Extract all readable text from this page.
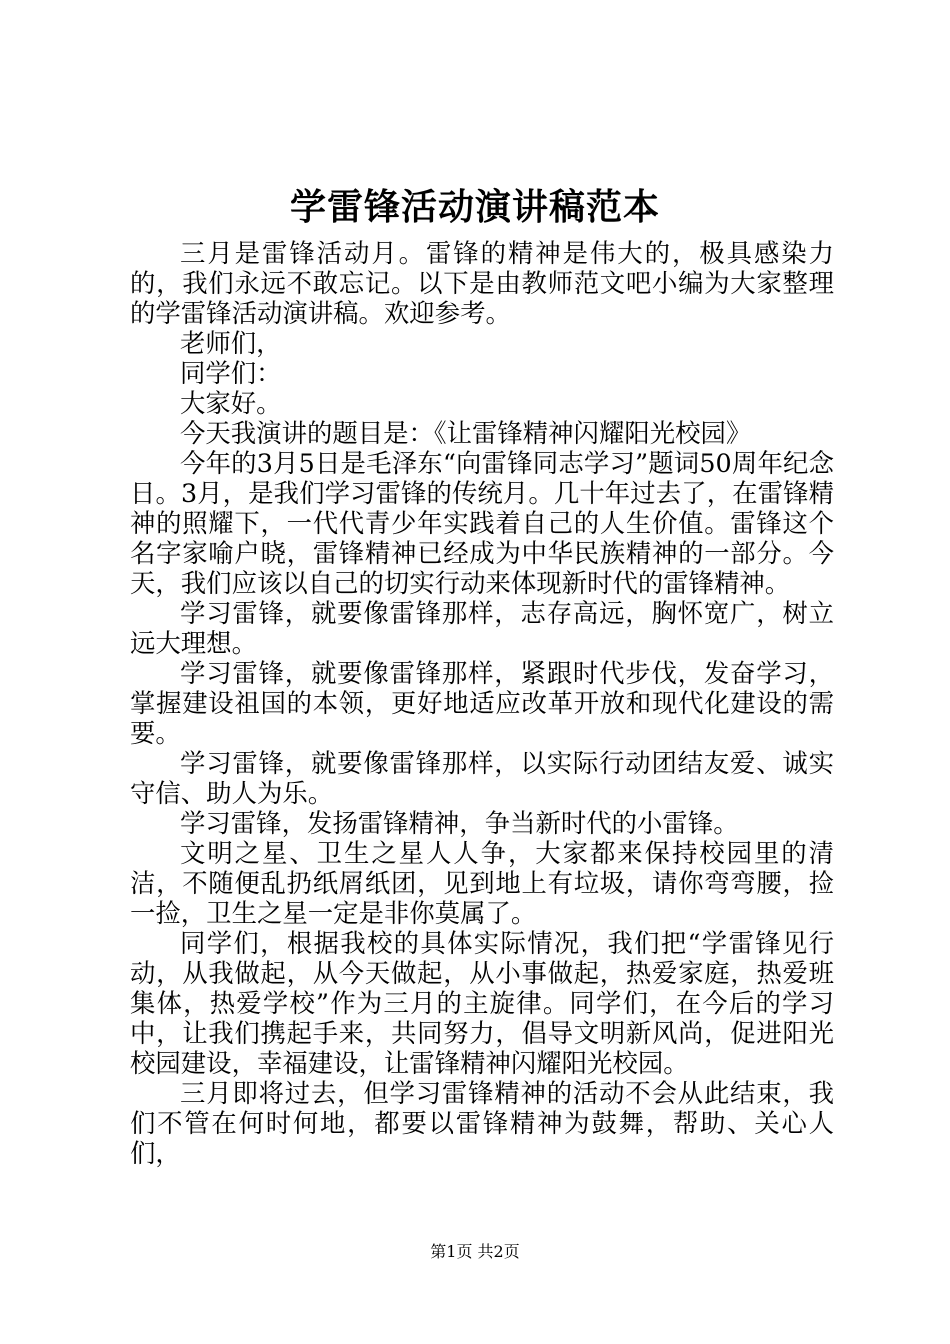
学雷锋活动演讲稿范本

三月是雷锋活动月。雷锋的精神是伟大的，极具感染力的，我们永远不敢忘记。以下是由教师范文吧小编为大家整理的学雷锋活动演讲稿。欢迎参考。

老师们，

同学们：

大家好。

今天我演讲的题目是：《让雷锋精神闪耀阳光校园》

今年的3月5日是毛泽东“向雷锋同志学习”题词50周年纪念日。3月，是我们学习雷锋的传统月。几十年过去了，在雷锋精神的照耀下，一代代青少年实践着自己的人生价值。雷锋这个名字家喻户晓，雷锋精神已经成为中华民族精神的一部分。今天，我们应该以自己的切实行动来体现新时代的雷锋精神。

学习雷锋，就要像雷锋那样，志存高远，胸怀宽广，树立远大理想。

学习雷锋，就要像雷锋那样，紧跟时代步伐，发奋学习，掌握建设祖国的本领，更好地适应改革开放和现代化建设的需要。

学习雷锋，就要像雷锋那样，以实际行动团结友爱、诚实守信、助人为乐。

学习雷锋，发扬雷锋精神，争当新时代的小雷锋。

文明之星、卫生之星人人争，大家都来保持校园里的清洁，不随便乱扔纸屑纸团，见到地上有垃圾，请你弯弯腰，捡一捡，卫生之星一定是非你莫属了。

同学们，根据我校的具体实际情况，我们把“学雷锋见行动，从我做起，从今天做起，从小事做起，热爱家庭，热爱班集体，热爱学校”作为三月的主旋律。同学们，在今后的学习中，让我们携起手来，共同努力，倡导文明新风尚，促进阳光校园建设，幸福建设，让雷锋精神闪耀阳光校园。

三月即将过去，但学习雷锋精神的活动不会从此结束，我们不管在何时何地，都要以雷锋精神为鼓舞，帮助、关心人们，

第1页 共2页
